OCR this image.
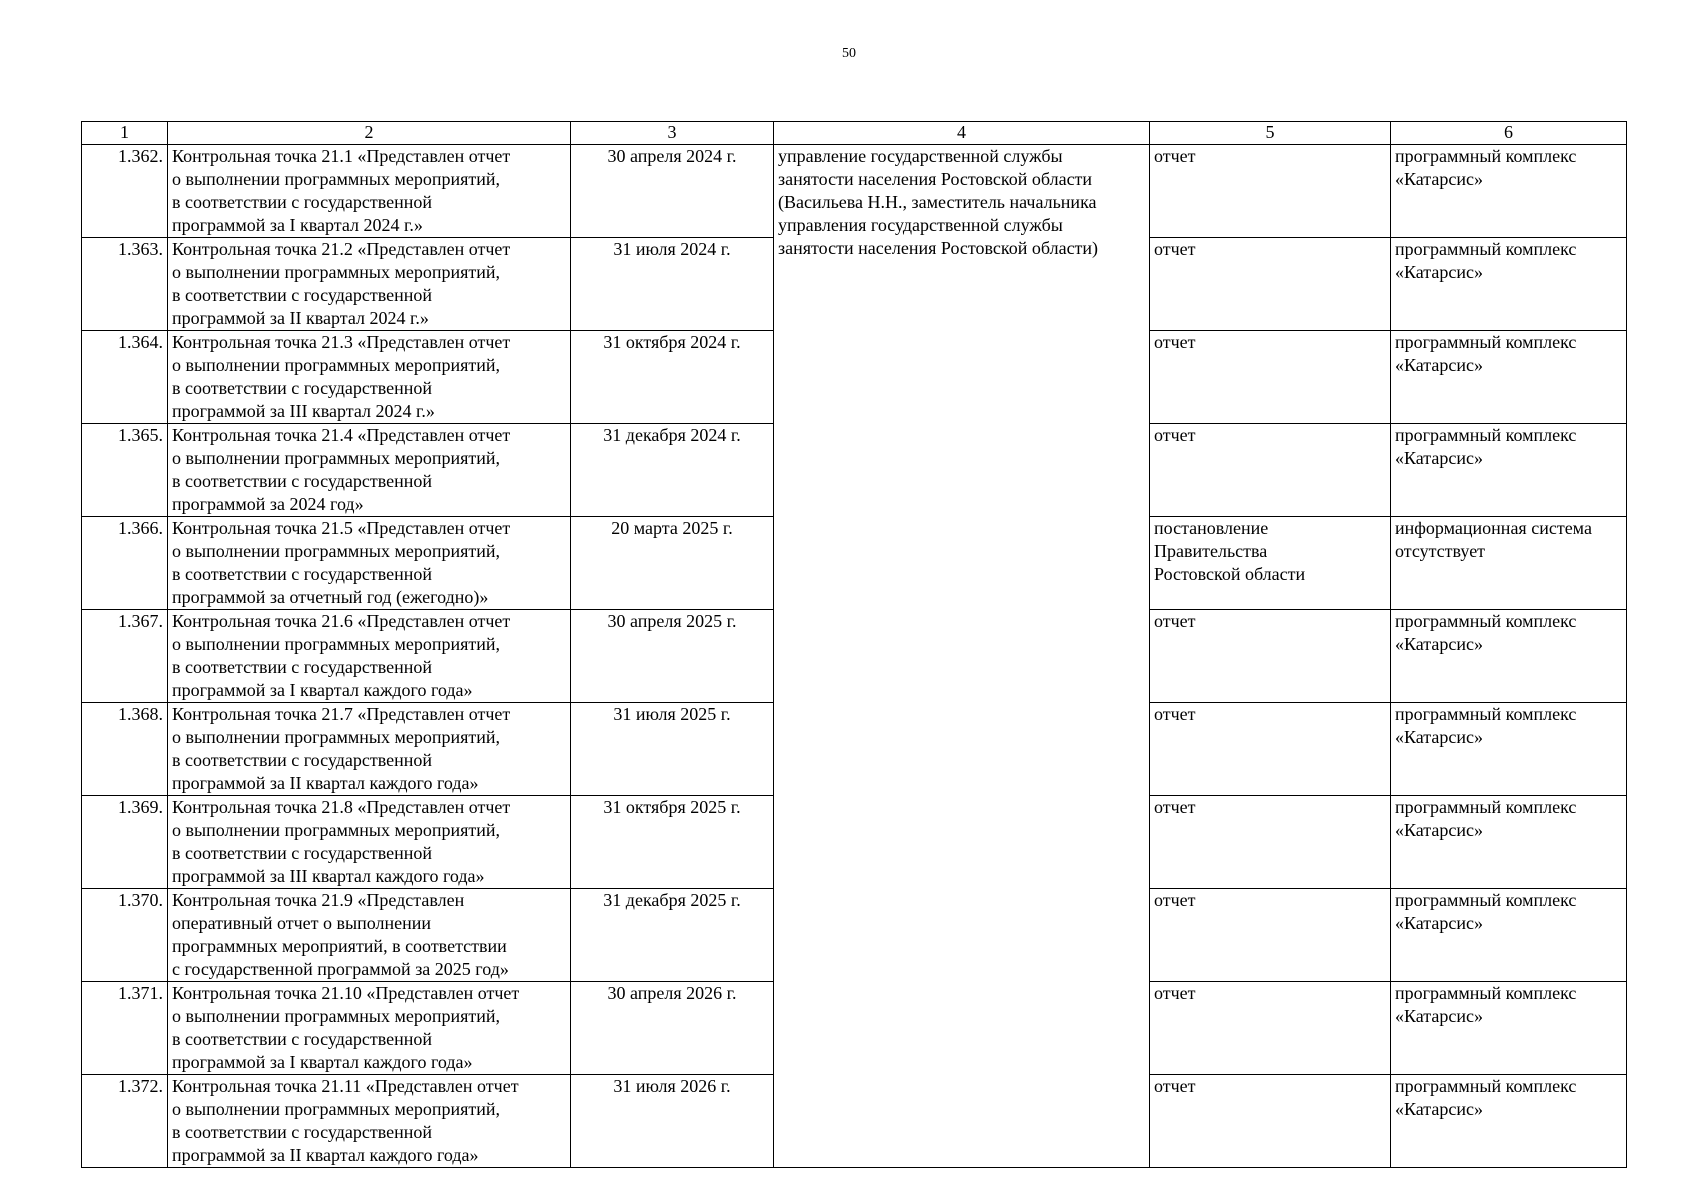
50
1	2	3	4	5	6
1.362.	Контрольная точка 21.1 «Представлен отчет
о выполнении программных мероприятий,
в соответствии с государственной
программой за I квартал 2024 г.»	30 апреля 2024 г.	управление государственной службы
занятости населения Ростовской области
(Васильева Н.Н., заместитель начальника
управления государственной службы
занятости населения Ростовской области)	отчет	программный комплекс
«Катарсис»
1.363.	Контрольная точка 21.2 «Представлен отчет
о выполнении программных мероприятий,
в соответствии с государственной
программой за II квартал 2024 г.»	31 июля 2024 г.		отчет	программный комплекс
«Катарсис»
1.364.	Контрольная точка 21.3 «Представлен отчет
о выполнении программных мероприятий,
в соответствии с государственной
программой за III квартал 2024 г.»	31 октября 2024 г.		отчет	программный комплекс
«Катарсис»
1.365.	Контрольная точка 21.4 «Представлен отчет
о выполнении программных мероприятий,
в соответствии с государственной
программой за 2024 год»	31 декабря 2024 г.		отчет	программный комплекс
«Катарсис»
1.366.	Контрольная точка 21.5 «Представлен отчет
о выполнении программных мероприятий,
в соответствии с государственной
программой за отчетный год (ежегодно)»	20 марта 2025 г.		постановление
Правительства
Ростовской области	информационная система
отсутствует
1.367.	Контрольная точка 21.6 «Представлен отчет
о выполнении программных мероприятий,
в соответствии с государственной
программой за I квартал каждого года»	30 апреля 2025 г.		отчет	программный комплекс
«Катарсис»
1.368.	Контрольная точка 21.7 «Представлен отчет
о выполнении программных мероприятий,
в соответствии с государственной
программой за II квартал каждого года»	31 июля 2025 г.		отчет	программный комплекс
«Катарсис»
1.369.	Контрольная точка 21.8 «Представлен отчет
о выполнении программных мероприятий,
в соответствии с государственной
программой за III квартал каждого года»	31 октября 2025 г.		отчет	программный комплекс
«Катарсис»
1.370.	Контрольная точка 21.9 «Представлен
оперативный отчет о выполнении
программных мероприятий, в соответствии
с государственной программой за 2025 год»	31 декабря 2025 г.		отчет	программный комплекс
«Катарсис»
1.371.	Контрольная точка 21.10 «Представлен отчет
о выполнении программных мероприятий,
в соответствии с государственной
программой за I квартал каждого года»	30 апреля 2026 г.		отчет	программный комплекс
«Катарсис»
1.372.	Контрольная точка 21.11 «Представлен отчет
о выполнении программных мероприятий,
в соответствии с государственной
программой за II квартал каждого года»	31 июля 2026 г.		отчет	программный комплекс
«Катарсис»
